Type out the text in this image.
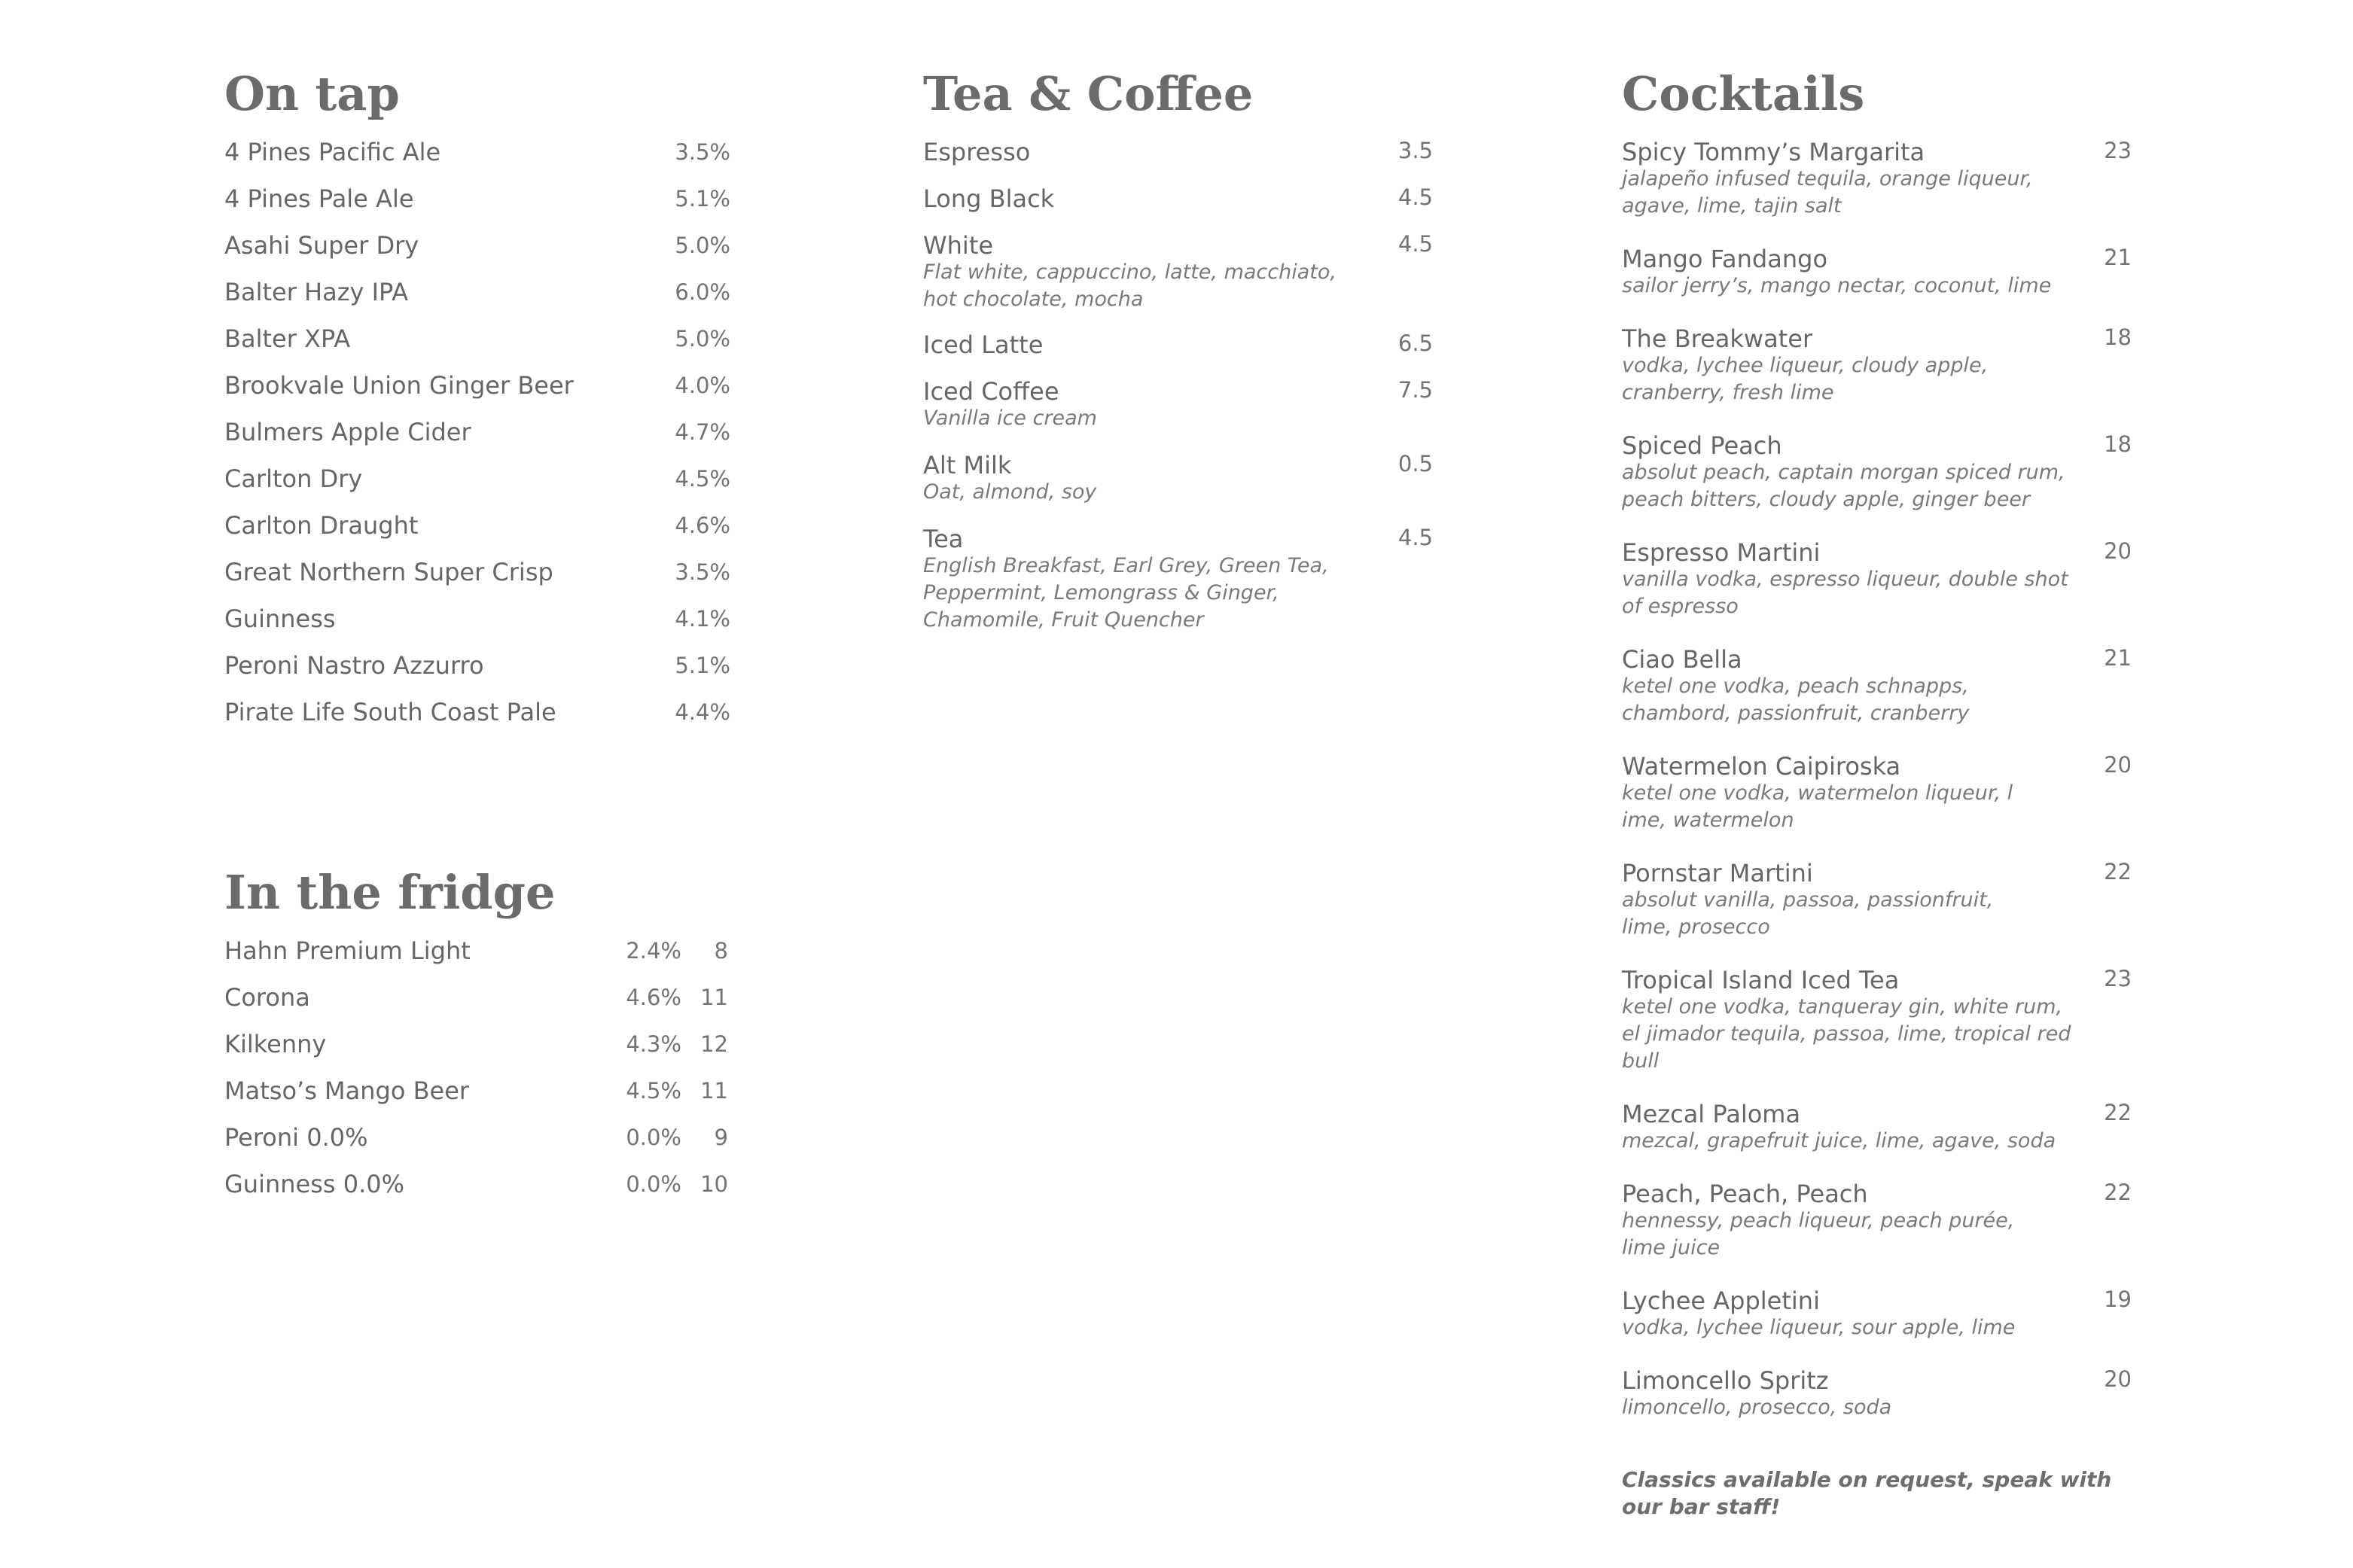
On tap
4 Pines Pacific Ale	3.5%
4 Pines Pale Ale	5.1%
Asahi Super Dry	5.0%
Balter Hazy IPA	6.0%
Balter XPA	5.0%
Brookvale Union Ginger Beer	4.0%
Bulmers Apple Cider	4.7%
Carlton Dry	4.5%
Carlton Draught	4.6%
Great Northern Super Crisp	3.5%
Guinness	4.1%
Peroni Nastro Azzurro	5.1%
Pirate Life South Coast Pale	4.4%
In the fridge
Hahn Premium Light	2.4% 8
Corona	4.6% 11
Kilkenny	4.3% 12
Matso’s Mango Beer	4.5% 11
Peroni 0.0%	0.0% 9
Guinness 0.0%	0.0% 10
Tea & Coffee
Espresso	3.5
Long Black	4.5
White	4.5
Flat white, cappuccino, latte, macchiato,
hot chocolate, mocha
Iced Latte	6.5
Iced Coffee	7.5
Vanilla ice cream
Alt Milk	0.5
Oat, almond, soy
Tea	4.5
English Breakfast, Earl Grey, Green Tea,
Peppermint, Lemongrass & Ginger,
Chamomile, Fruit Quencher
Cocktails
Spicy Tommy’s Margarita	23
jalapeño infused tequila, orange liqueur,
agave, lime, tajin salt
Mango Fandango	21
sailor jerry’s, mango nectar, coconut, lime
The Breakwater	18
vodka, lychee liqueur, cloudy apple,
cranberry, fresh lime
Spiced Peach	18
absolut peach, captain morgan spiced rum,
peach bitters, cloudy apple, ginger beer
Espresso Martini	20
vanilla vodka, espresso liqueur, double shot
of espresso
Ciao Bella	21
ketel one vodka, peach schnapps,
chambord, passionfruit, cranberry
Watermelon Caipiroska	20
ketel one vodka, watermelon liqueur, l
ime, watermelon
Pornstar Martini	22
absolut vanilla, passoa, passionfruit,
lime, prosecco
Tropical Island Iced Tea	23
ketel one vodka, tanqueray gin, white rum,
el jimador tequila, passoa, lime, tropical red
bull
Mezcal Paloma	22
mezcal, grapefruit juice, lime, agave, soda
Peach, Peach, Peach	22
hennessy, peach liqueur, peach purée,
lime juice
Lychee Appletini	19
vodka, lychee liqueur, sour apple, lime
Limoncello Spritz	20
limoncello, prosecco, soda
Classics available on request, speak with
our bar staff!
